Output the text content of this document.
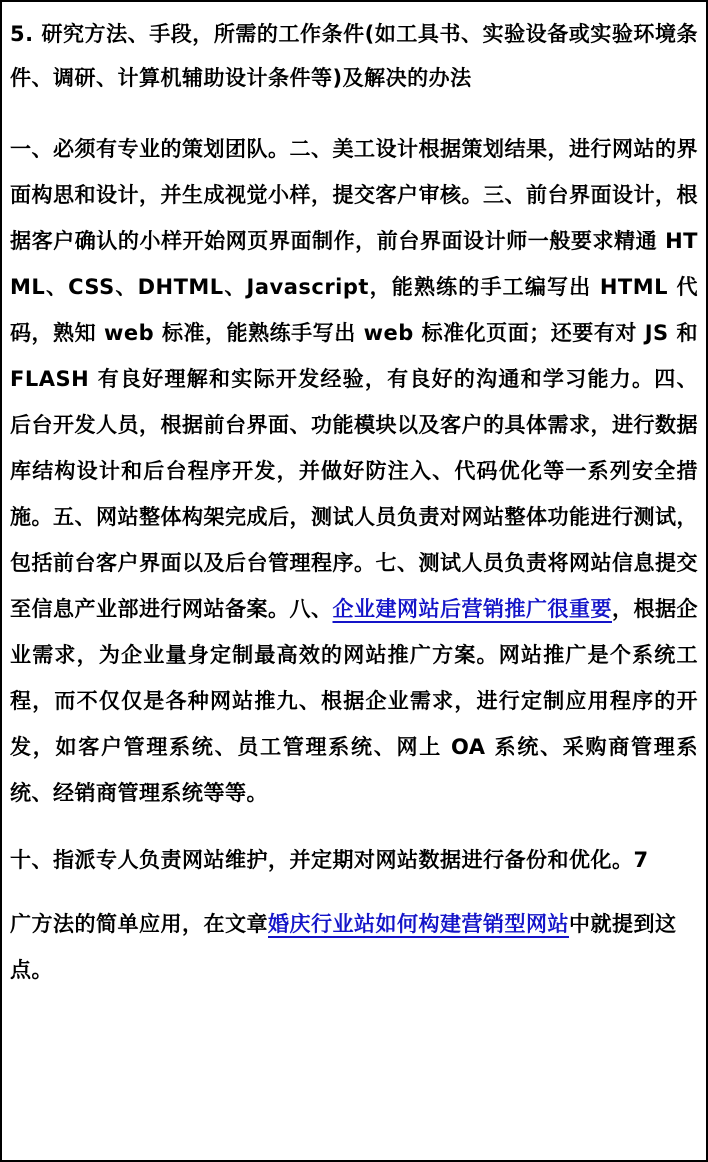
5. 研究方法、手段，所需的工作条件(如工具书、实验设备或实验环境条件、调研、计算机辅助设计条件等)及解决的办法

一、必须有专业的策划团队。二、美工设计根据策划结果，进行网站的界面构思和设计，并生成视觉小样，提交客户审核。三、前台界面设计，根据客户确认的小样开始网页界面制作，前台界面设计师一般要求精通 HTML、CSS、DHTML、Javascript，能熟练的手工编写出 HTML 代码，熟知 web 标准，能熟练手写出 web 标准化页面；还要有对 JS 和 FLASH 有良好理解和实际开发经验，有良好的沟通和学习能力。四、后台开发人员，根据前台界面、功能模块以及客户的具体需求，进行数据库结构设计和后台程序开发，并做好防注入、代码优化等一系列安全措施。五、网站整体构架完成后，测试人员负责对网站整体功能进行测试，包括前台客户界面以及后台管理程序。七、测试人员负责将网站信息提交至信息产业部进行网站备案。八、企业建网站后营销推广很重要，根据企业需求，为企业量身定制最高效的网站推广方案。网站推广是个系统工程，而不仅仅是各种网站推九、根据企业需求，进行定制应用程序的开发，如客户管理系统、员工管理系统、网上 OA 系统、采购商管理系统、经销商管理系统等等。

十、指派专人负责网站维护，并定期对网站数据进行备份和优化。7

广方法的简单应用，在文章婚庆行业站如何构建营销型网站中就提到这点。
